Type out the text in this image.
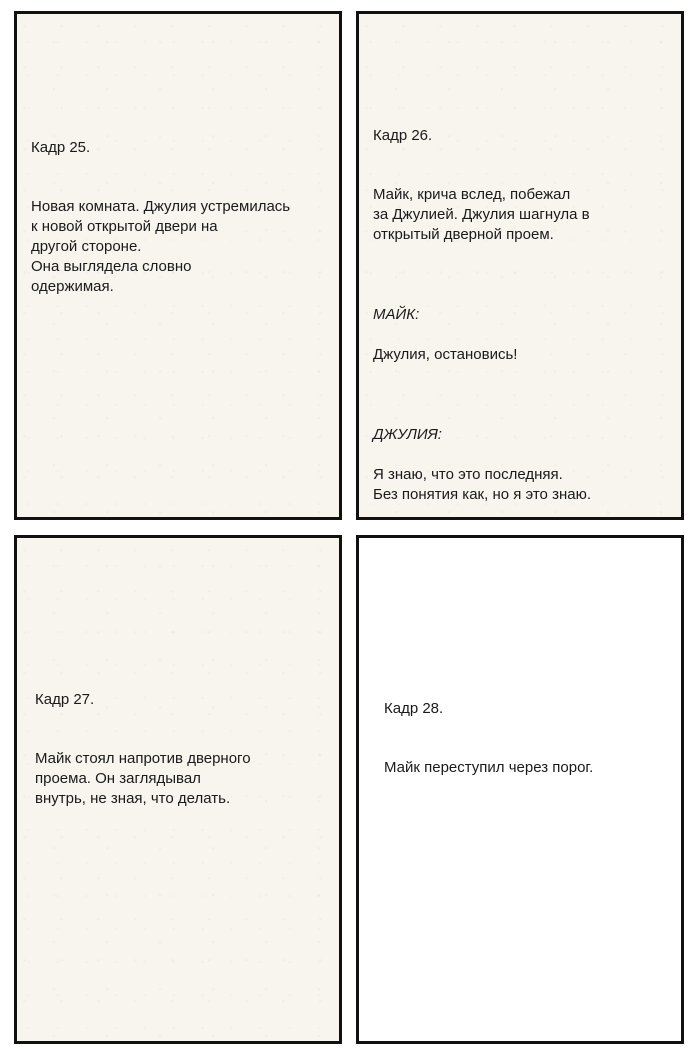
Кадр 25.

Новая комната. Джулия устремилась
к новой открытой двери на
другой стороне.
Она выглядела словно
одержимая.

Кадр 26.

Майк, крича вслед, побежал
за Джулией. Джулия шагнула в
открытый дверной проем.

МАЙК:

Джулия, остановись!

ДЖУЛИЯ:

Я знаю, что это последняя.
Без понятия как, но я это знаю.

Кадр 27.

Майк стоял напротив дверного
проема. Он заглядывал
внутрь, не зная, что делать.

Кадр 28.

Майк переступил через порог.
